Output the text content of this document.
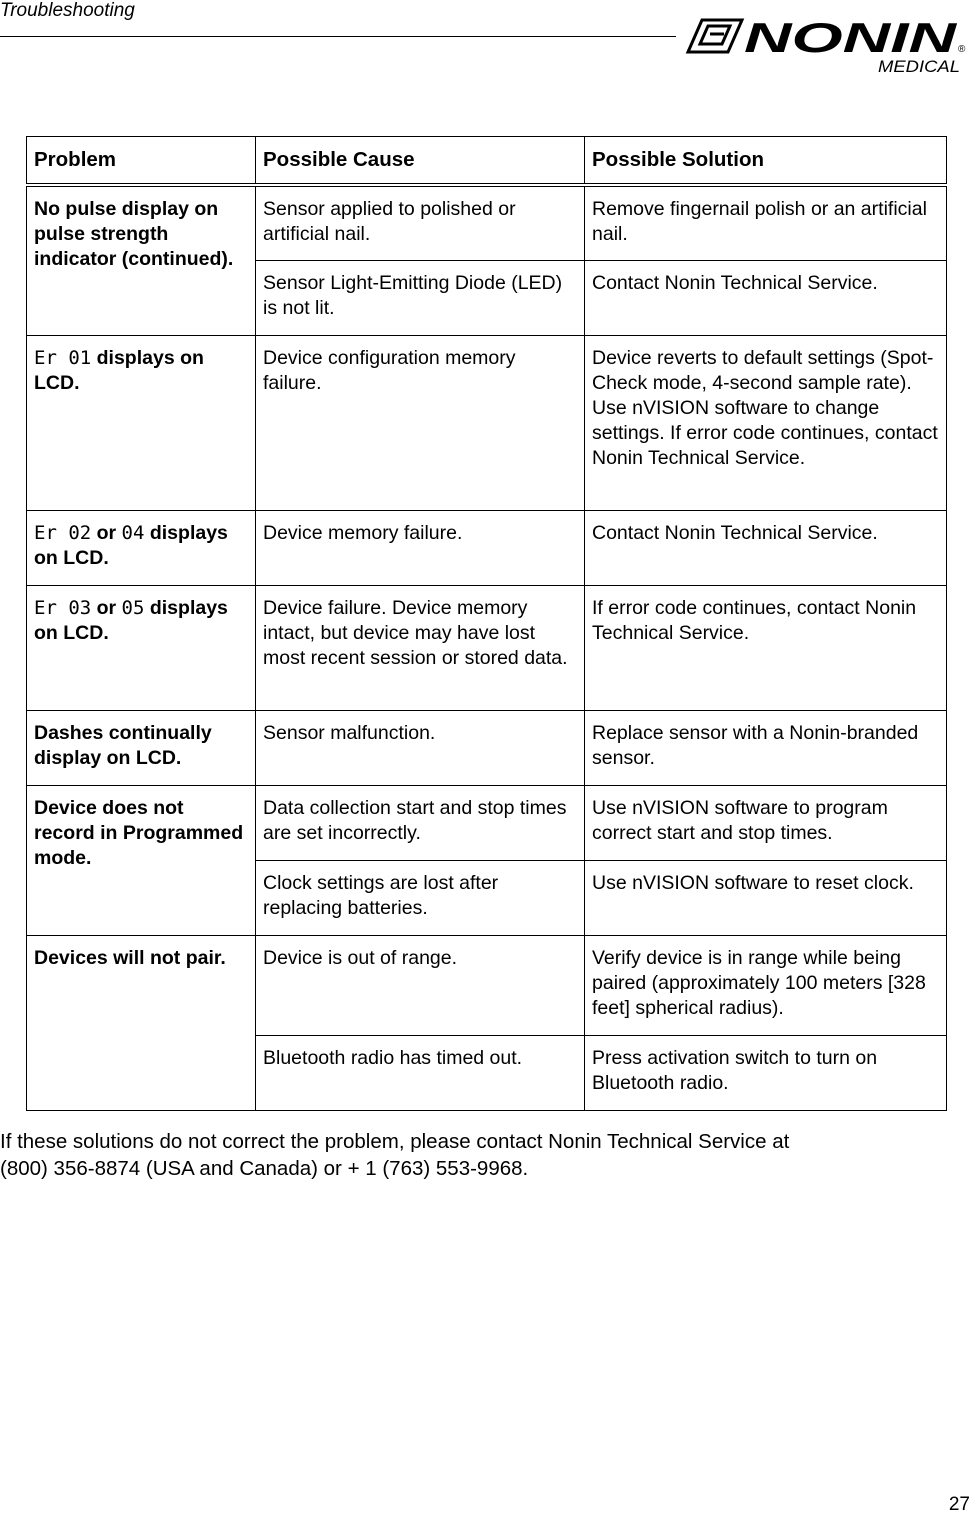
Troubleshooting
NONIN ®
MEDICAL
Problem	Possible Cause	Possible Solution
No pulse display on pulse strength indicator (continued).	Sensor applied to polished or artificial nail.	Remove fingernail polish or an artificial nail.
	Sensor Light-Emitting Diode (LED) is not lit.	Contact Nonin Technical Service.
Er 01 displays on LCD.	Device configuration memory failure.	Device reverts to default settings (Spot-Check mode, 4-second sample rate). Use nVISION software to change settings. If error code continues, contact Nonin Technical Service.
Er 02 or 04 displays on LCD.	Device memory failure.	Contact Nonin Technical Service.
Er 03 or 05 displays on LCD.	Device failure. Device memory intact, but device may have lost most recent session or stored data.	If error code continues, contact Nonin Technical Service.
Dashes continually display on LCD.	Sensor malfunction.	Replace sensor with a Nonin-branded sensor.
Device does not record in Programmed mode.	Data collection start and stop times are set incorrectly.	Use nVISION software to program correct start and stop times.
	Clock settings are lost after replacing batteries.	Use nVISION software to reset clock.
Devices will not pair.	Device is out of range.	Verify device is in range while being paired (approximately 100 meters [328 feet] spherical radius).
	Bluetooth radio has timed out.	Press activation switch to turn on Bluetooth radio.
If these solutions do not correct the problem, please contact Nonin Technical Service at
(800) 356-8874 (USA and Canada) or + 1 (763) 553-9968.
27
